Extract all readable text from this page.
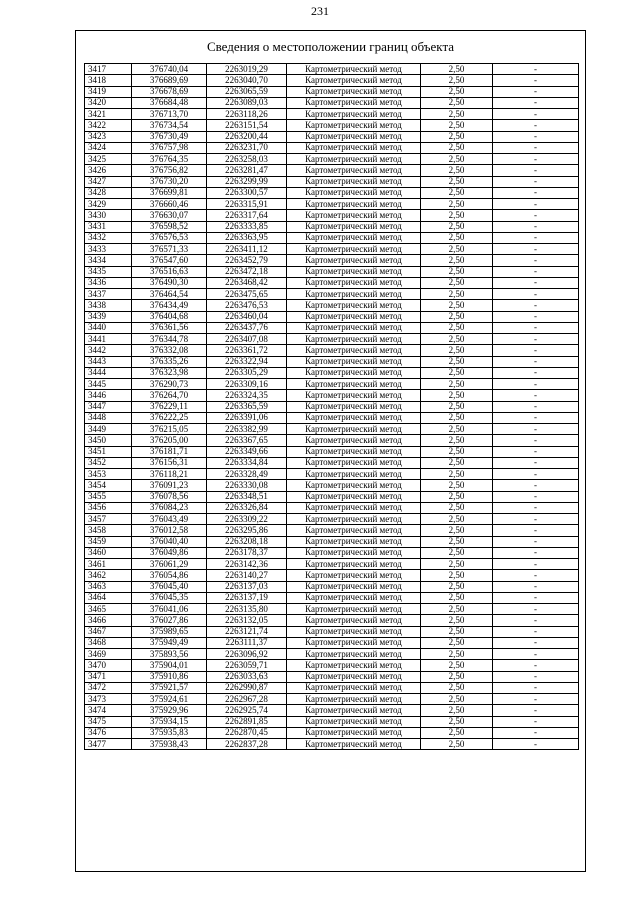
231
Сведения о местоположении границ объекта
3417	376740,04	2263019,29	Картометрический метод	2,50	-
3418	376689,69	2263040,70	Картометрический метод	2,50	-
3419	376678,69	2263065,59	Картометрический метод	2,50	-
3420	376684,48	2263089,03	Картометрический метод	2,50	-
3421	376713,70	2263118,26	Картометрический метод	2,50	-
3422	376734,54	2263151,54	Картометрический метод	2,50	-
3423	376730,49	2263200,44	Картометрический метод	2,50	-
3424	376757,98	2263231,70	Картометрический метод	2,50	-
3425	376764,35	2263258,03	Картометрический метод	2,50	-
3426	376756,82	2263281,47	Картометрический метод	2,50	-
3427	376730,20	2263299,99	Картометрический метод	2,50	-
3428	376699,81	2263300,57	Картометрический метод	2,50	-
3429	376660,46	2263315,91	Картометрический метод	2,50	-
3430	376630,07	2263317,64	Картометрический метод	2,50	-
3431	376598,52	2263333,85	Картометрический метод	2,50	-
3432	376576,53	2263363,95	Картометрический метод	2,50	-
3433	376571,33	2263411,12	Картометрический метод	2,50	-
3434	376547,60	2263452,79	Картометрический метод	2,50	-
3435	376516,63	2263472,18	Картометрический метод	2,50	-
3436	376490,30	2263468,42	Картометрический метод	2,50	-
3437	376464,54	2263475,65	Картометрический метод	2,50	-
3438	376434,49	2263476,53	Картометрический метод	2,50	-
3439	376404,68	2263460,04	Картометрический метод	2,50	-
3440	376361,56	2263437,76	Картометрический метод	2,50	-
3441	376344,78	2263407,08	Картометрический метод	2,50	-
3442	376332,08	2263361,72	Картометрический метод	2,50	-
3443	376335,26	2263322,94	Картометрический метод	2,50	-
3444	376323,98	2263305,29	Картометрический метод	2,50	-
3445	376290,73	2263309,16	Картометрический метод	2,50	-
3446	376264,70	2263324,35	Картометрический метод	2,50	-
3447	376229,11	2263365,59	Картометрический метод	2,50	-
3448	376222,25	2263391,06	Картометрический метод	2,50	-
3449	376215,05	2263382,99	Картометрический метод	2,50	-
3450	376205,00	2263367,65	Картометрический метод	2,50	-
3451	376181,71	2263349,66	Картометрический метод	2,50	-
3452	376156,31	2263334,84	Картометрический метод	2,50	-
3453	376118,21	2263328,49	Картометрический метод	2,50	-
3454	376091,23	2263330,08	Картометрический метод	2,50	-
3455	376078,56	2263348,51	Картометрический метод	2,50	-
3456	376084,23	2263326,84	Картометрический метод	2,50	-
3457	376043,49	2263309,22	Картометрический метод	2,50	-
3458	376012,58	2263295,86	Картометрический метод	2,50	-
3459	376040,40	2263208,18	Картометрический метод	2,50	-
3460	376049,86	2263178,37	Картометрический метод	2,50	-
3461	376061,29	2263142,36	Картометрический метод	2,50	-
3462	376054,86	2263140,27	Картометрический метод	2,50	-
3463	376045,40	2263137,03	Картометрический метод	2,50	-
3464	376045,35	2263137,19	Картометрический метод	2,50	-
3465	376041,06	2263135,80	Картометрический метод	2,50	-
3466	376027,86	2263132,05	Картометрический метод	2,50	-
3467	375989,65	2263121,74	Картометрический метод	2,50	-
3468	375949,49	2263111,37	Картометрический метод	2,50	-
3469	375893,56	2263096,92	Картометрический метод	2,50	-
3470	375904,01	2263059,71	Картометрический метод	2,50	-
3471	375910,86	2263033,63	Картометрический метод	2,50	-
3472	375921,57	2262990,87	Картометрический метод	2,50	-
3473	375924,61	2262967,28	Картометрический метод	2,50	-
3474	375929,96	2262925,74	Картометрический метод	2,50	-
3475	375934,15	2262891,85	Картометрический метод	2,50	-
3476	375935,83	2262870,45	Картометрический метод	2,50	-
3477	375938,43	2262837,28	Картометрический метод	2,50	-
